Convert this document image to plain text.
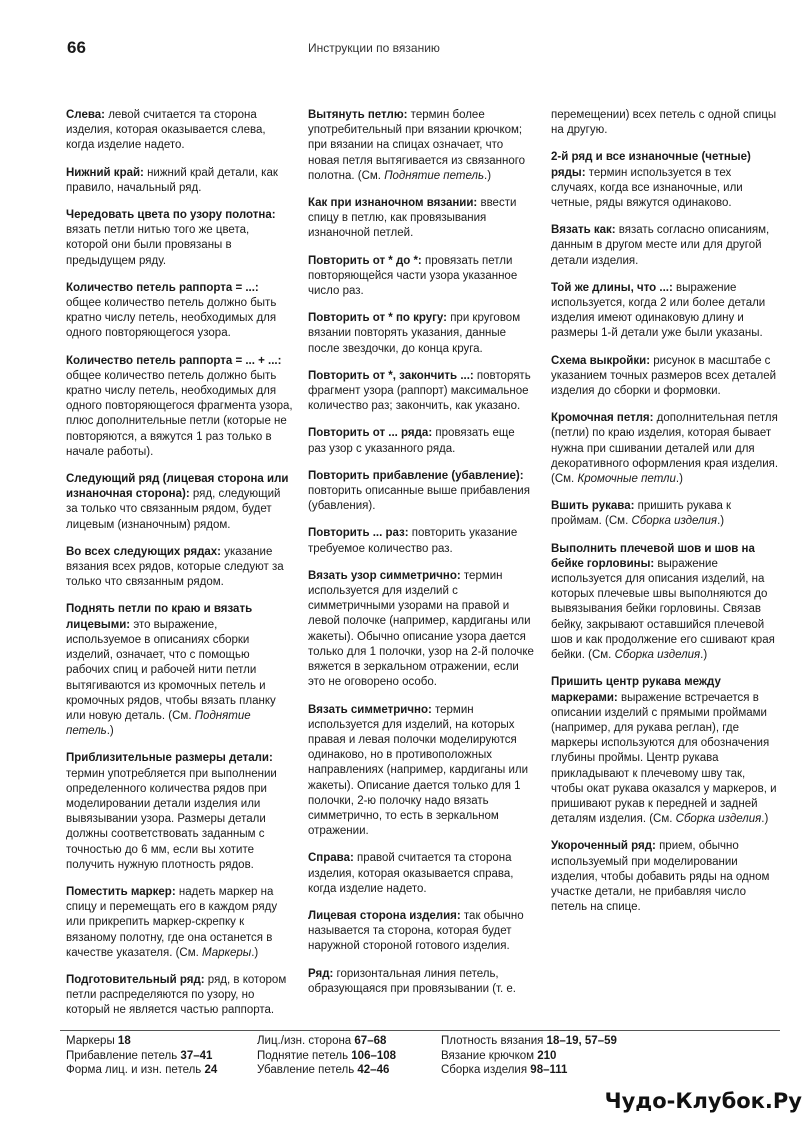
66	Инструкции по вязанию

Слева: левой считается та сторона изделия, которая оказывается слева, когда изделие надето.

Нижний край: нижний край детали, как правило, начальный ряд.

Чередовать цвета по узору полотна: вязать петли нитью того же цвета, которой они были провязаны в предыдущем ряду.

Количество петель раппорта = ...: общее количество петель должно быть кратно числу петель, необходимых для одного повторяющегося узора.

Количество петель раппорта = ... + ...: общее количество петель должно быть кратно числу петель, необходимых для одного повторяющегося фрагмента узора, плюс дополнительные петли (которые не повторяются, а вяжутся 1 раз только в начале работы).

Следующий ряд (лицевая сторона или изнаночная сторона): ряд, следующий за только что связанным рядом, будет лицевым (изнаночным) рядом.

Во всех следующих рядах: указание вязания всех рядов, которые следуют за только что связанным рядом.

Поднять петли по краю и вязать лицевыми: это выражение, используемое в описаниях сборки изделий, означает, что с помощью рабочих спиц и рабочей нити петли вытягиваются из кромочных петель и кромочных рядов, чтобы вязать планку или новую деталь. (См. Поднятие петель.)

Приблизительные размеры детали: термин употребляется при выполнении определенного количества рядов при моделировании детали изделия или вывязывании узора. Размеры детали должны соответствовать заданным с точностью до 6 мм, если вы хотите получить нужную плотность рядов.

Поместить маркер: надеть маркер на спицу и перемещать его в каждом ряду или прикрепить маркер-скрепку к вязаному полотну, где она останется в качестве указателя. (См. Маркеры.)

Подготовительный ряд: ряд, в котором петли распределяются по узору, но который не является частью раппорта.

Вытянуть петлю: термин более употребительный при вязании крючком; при вязании на спицах означает, что новая петля вытягивается из связанного полотна. (См. Поднятие петель.)

Как при изнаночном вязании: ввести спицу в петлю, как провязывания изнаночной петлей.

Повторить от * до *: провязать петли повторяющейся части узора указанное число раз.

Повторить от * по кругу: при круговом вязании повторять указания, данные после звездочки, до конца круга.

Повторить от *, закончить ...: повторять фрагмент узора (раппорт) максимальное количество раз; закончить, как указано.

Повторить от ... ряда: провязать еще раз узор с указанного ряда.

Повторить прибавление (убавление): повторить описанные выше прибавления (убавления).

Повторить ... раз: повторить указание требуемое количество раз.

Вязать узор симметрично: термин используется для изделий с симметричными узорами на правой и левой полочке (например, кардиганы или жакеты). Обычно описание узора дается только для 1 полочки, узор на 2-й полочке вяжется в зеркальном отражении, если это не оговорено особо.

Вязать симметрично: термин используется для изделий, на которых правая и левая полочки моделируются одинаково, но в противоположных направлениях (например, кардиганы или жакеты). Описание дается только для 1 полочки, 2-ю полочку надо вязать симметрично, то есть в зеркальном отражении.

Справа: правой считается та сторона изделия, которая оказывается справа, когда изделие надето.

Лицевая сторона изделия: так обычно называется та сторона, которая будет наружной стороной готового изделия.

Ряд: горизонтальная линия петель, образующаяся при провязывании (т. е.

перемещении) всех петель с одной спицы на другую.

2-й ряд и все изнаночные (четные) ряды: термин используется в тех случаях, когда все изнаночные, или четные, ряды вяжутся одинаково.

Вязать как: вязать согласно описаниям, данным в другом месте или для другой детали изделия.

Той же длины, что ...: выражение используется, когда 2 или более детали изделия имеют одинаковую длину и размеры 1-й детали уже были указаны.

Схема выкройки: рисунок в масштабе с указанием точных размеров всех деталей изделия до сборки и формовки.

Кромочная петля: дополнительная петля (петли) по краю изделия, которая бывает нужна при сшивании деталей или для декоративного оформления края изделия. (См. Кромочные петли.)

Вшить рукава: пришить рукава к проймам. (См. Сборка изделия.)

Выполнить плечевой шов и шов на бейке горловины: выражение используется для описания изделий, на которых плечевые швы выполняются до вывязывания бейки горловины. Связав бейку, закрывают оставшийся плечевой шов и как продолжение его сшивают края бейки. (См. Сборка изделия.)

Пришить центр рукава между маркерами: выражение встречается в описании изделий с прямыми проймами (например, для рукава реглан), где маркеры используются для обозначения глубины проймы. Центр рукава прикладывают к плечевому шву так, чтобы окат рукава оказался у маркеров, и пришивают рукав к передней и задней деталям изделия. (См. Сборка изделия.)

Укороченный ряд: прием, обычно используемый при моделировании изделия, чтобы добавить ряды на одном участке детали, не прибавляя число петель на спице.

Маркеры 18
Прибавление петель 37–41
Форма лиц. и изн. петель 24
Лиц./изн. сторона 67–68
Поднятие петель 106–108
Убавление петель 42–46
Плотность вязания 18–19, 57–59
Вязание крючком 210
Сборка изделия 98–111
Чудо-Клубок.Ру
